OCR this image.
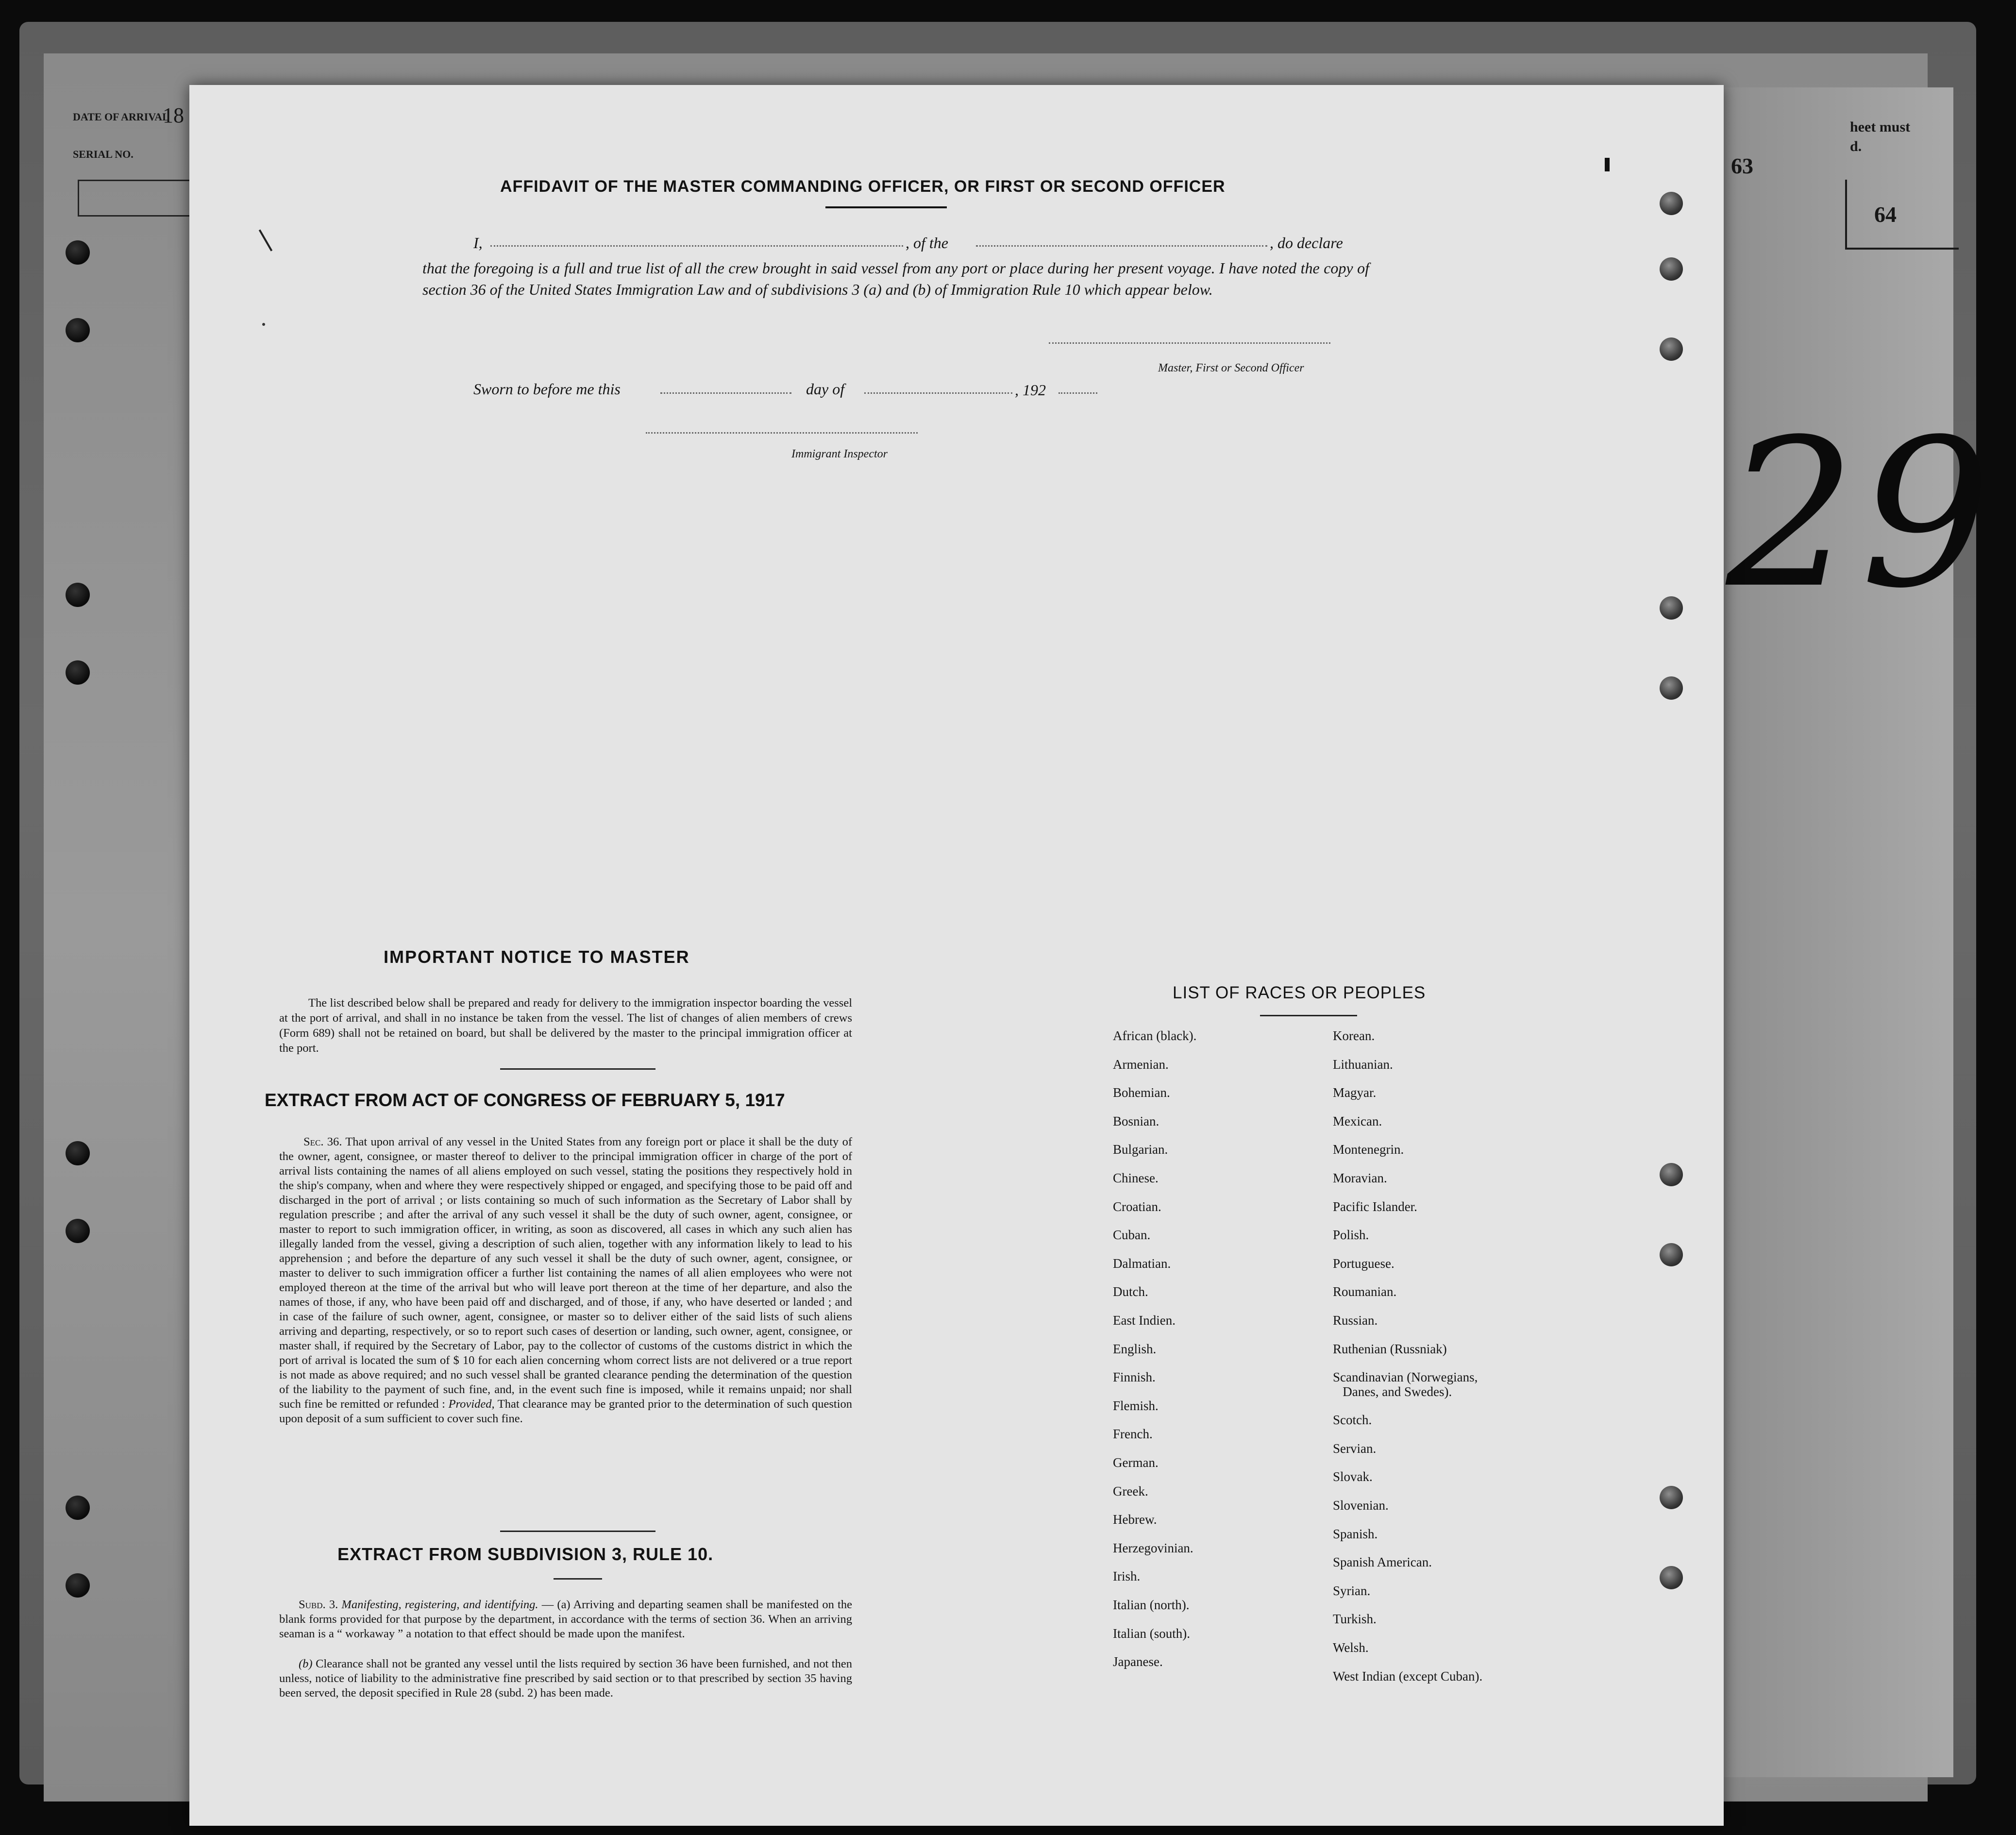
DATE OF ARRIVAL
18
SERIAL NO.
heet must
d.
63
64
29
AFFIDAVIT OF THE MASTER COMMANDING OFFICER, OR FIRST OR SECOND OFFICER
I,	, of the	, do declare
that the foregoing is a full and true list of all the crew brought in said vessel from any port or place during her present voyage. I have noted the copy of section 36 of the United States Immigration Law and of subdivisions 3 (a) and (b) of Immigration Rule 10 which appear below.
Master, First or Second Officer
Sworn to before me this	day of	, 192
Immigrant Inspector
IMPORTANT NOTICE TO MASTER
The list described below shall be prepared and ready for delivery to the immigration inspector boarding the vessel at the port of arrival, and shall in no instance be taken from the vessel. The list of changes of alien members of crews (Form 689) shall not be retained on board, but shall be delivered by the master to the principal immigration officer at the port.
EXTRACT FROM ACT OF CONGRESS OF FEBRUARY 5, 1917
Sec. 36. That upon arrival of any vessel in the United States from any foreign port or place it shall be the duty of the owner, agent, consignee, or master thereof to deliver to the principal immigration officer in charge of the port of arrival lists containing the names of all aliens employed on such vessel, stating the positions they respectively hold in the ship's company, when and where they were respectively shipped or engaged, and specifying those to be paid off and discharged in the port of arrival ; or lists containing so much of such information as the Secretary of Labor shall by regulation prescribe ; and after the arrival of any such vessel it shall be the duty of such owner, agent, consignee, or master to report to such immigration officer, in writing, as soon as discovered, all cases in which any such alien has illegally landed from the vessel, giving a description of such alien, together with any information likely to lead to his apprehension ; and before the departure of any such vessel it shall be the duty of such owner, agent, consignee, or master to deliver to such immigration officer a further list containing the names of all alien employees who were not employed thereon at the time of the arrival but who will leave port thereon at the time of her departure, and also the names of those, if any, who have been paid off and discharged, and of those, if any, who have deserted or landed ; and in case of the failure of such owner, agent, consignee, or master so to deliver either of the said lists of such aliens arriving and departing, respectively, or so to report such cases of desertion or landing, such owner, agent, consignee, or master shall, if required by the Secretary of Labor, pay to the collector of customs of the customs district in which the port of arrival is located the sum of $ 10 for each alien concerning whom correct lists are not delivered or a true report is not made as above required; and no such vessel shall be granted clearance pending the determination of the question of the liability to the payment of such fine, and, in the event such fine is imposed, while it remains unpaid; nor shall such fine be remitted or refunded : Provided, That clearance may be granted prior to the determination of such question upon deposit of a sum sufficient to cover such fine.
EXTRACT FROM SUBDIVISION 3, RULE 10.
Subd. 3. Manifesting, registering, and identifying. — (a) Arriving and departing seamen shall be manifested on the blank forms provided for that purpose by the department, in accordance with the terms of section 36. When an arriving seaman is a “ workaway ” a notation to that effect should be made upon the manifest.
(b) Clearance shall not be granted any vessel until the lists required by section 36 have been furnished, and not then unless, notice of liability to the administrative fine prescribed by said section or to that prescribed by section 35 having been served, the deposit specified in Rule 28 (subd. 2) has been made.
LIST OF RACES OR PEOPLES
African (black).
Armenian.
Bohemian.
Bosnian.
Bulgarian.
Chinese.
Croatian.
Cuban.
Dalmatian.
Dutch.
East Indien.
English.
Finnish.
Flemish.
French.
German.
Greek.
Hebrew.
Herzegovinian.
Irish.
Italian (north).
Italian (south).
Japanese.
Korean.
Lithuanian.
Magyar.
Mexican.
Montenegrin.
Moravian.
Pacific Islander.
Polish.
Portuguese.
Roumanian.
Russian.
Ruthenian (Russniak)
Scandinavian (Norwegians,
Danes, and Swedes).
Scotch.
Servian.
Slovak.
Slovenian.
Spanish.
Spanish American.
Syrian.
Turkish.
Welsh.
West Indian (except Cuban).
